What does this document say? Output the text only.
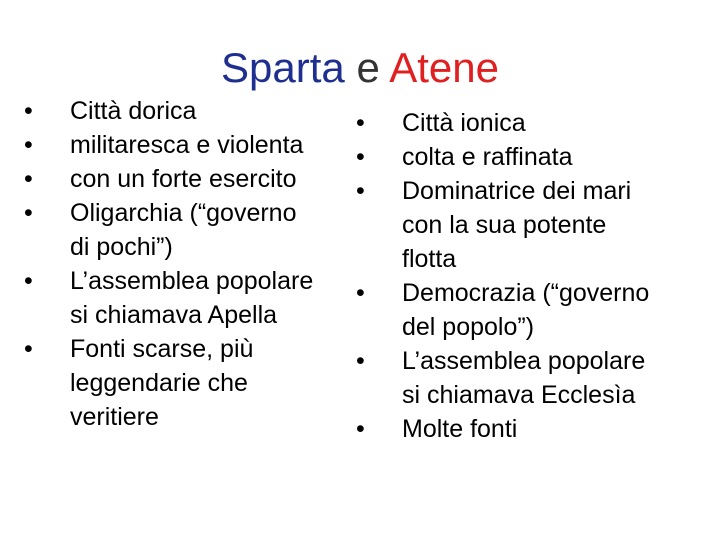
Sparta e Atene
•	Città dorica
•	militaresca e violenta
•	con un forte esercito
•	Oligarchia (“governo
di pochi”)
•	L’assemblea popolare
si chiamava Apella
•	Fonti scarse, più
leggendarie che
veritiere
•	Città ionica
•	colta e raffinata
•	Dominatrice dei mari
con la sua potente
flotta
•	Democrazia (“governo
del popolo”)
•	L’assemblea popolare
si chiamava Ecclesìa
•	Molte fonti
